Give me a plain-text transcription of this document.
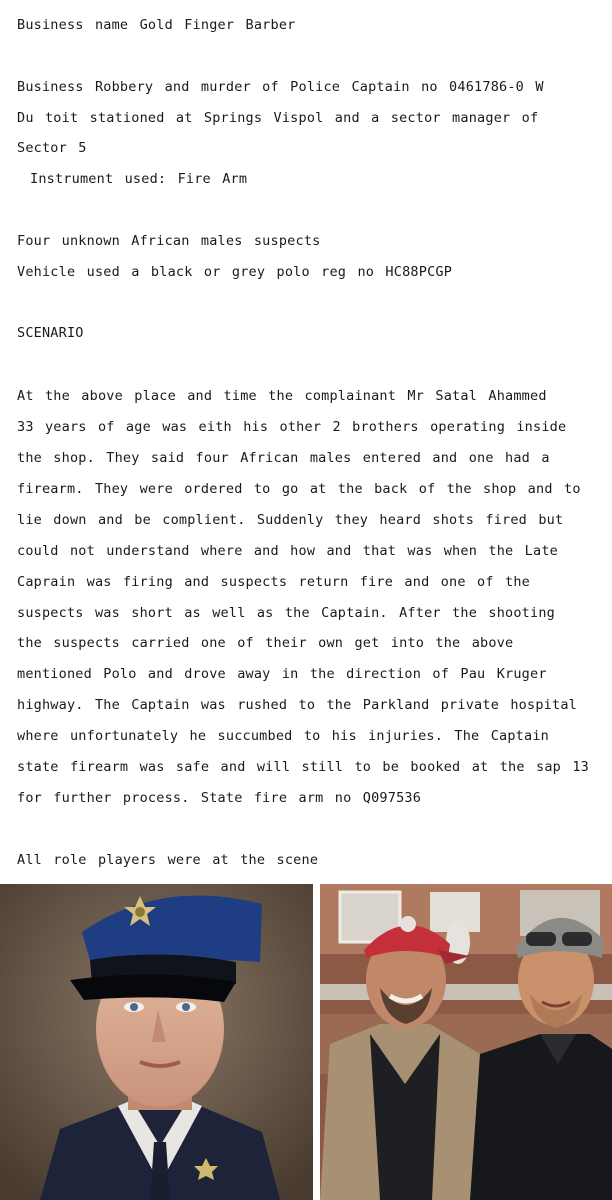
Business name Gold Finger Barber
Business Robbery and murder of Police Captain no 0461786-0 W
Du toit stationed at Springs Vispol and a sector manager of
Sector 5
Instrument used: Fire Arm
Four unknown African males suspects
Vehicle used a black or grey polo reg no HC88PCGP
SCENARIO
At the above place and time the complainant Mr Satal Ahammed
33 years of age was eith his other 2 brothers operating inside
the shop. They said four African males entered and one had a
firearm. They were ordered to go at the back of the shop and to
lie down and be complient. Suddenly they heard shots fired but
could not understand where and how and that was when the Late
Caprain was firing and suspects return fire and one of the
suspects was short as well as the Captain. After the shooting
the suspects carried one of their own get into the above
mentioned Polo and drove away in the direction of Pau Kruger
highway. The Captain was rushed to the Parkland private hospital
where unfortunately he succumbed to his injuries. The Captain
state firearm was safe and will still to be booked at the sap 13
for further process. State fire arm no Q097536
All role players were at the scene
